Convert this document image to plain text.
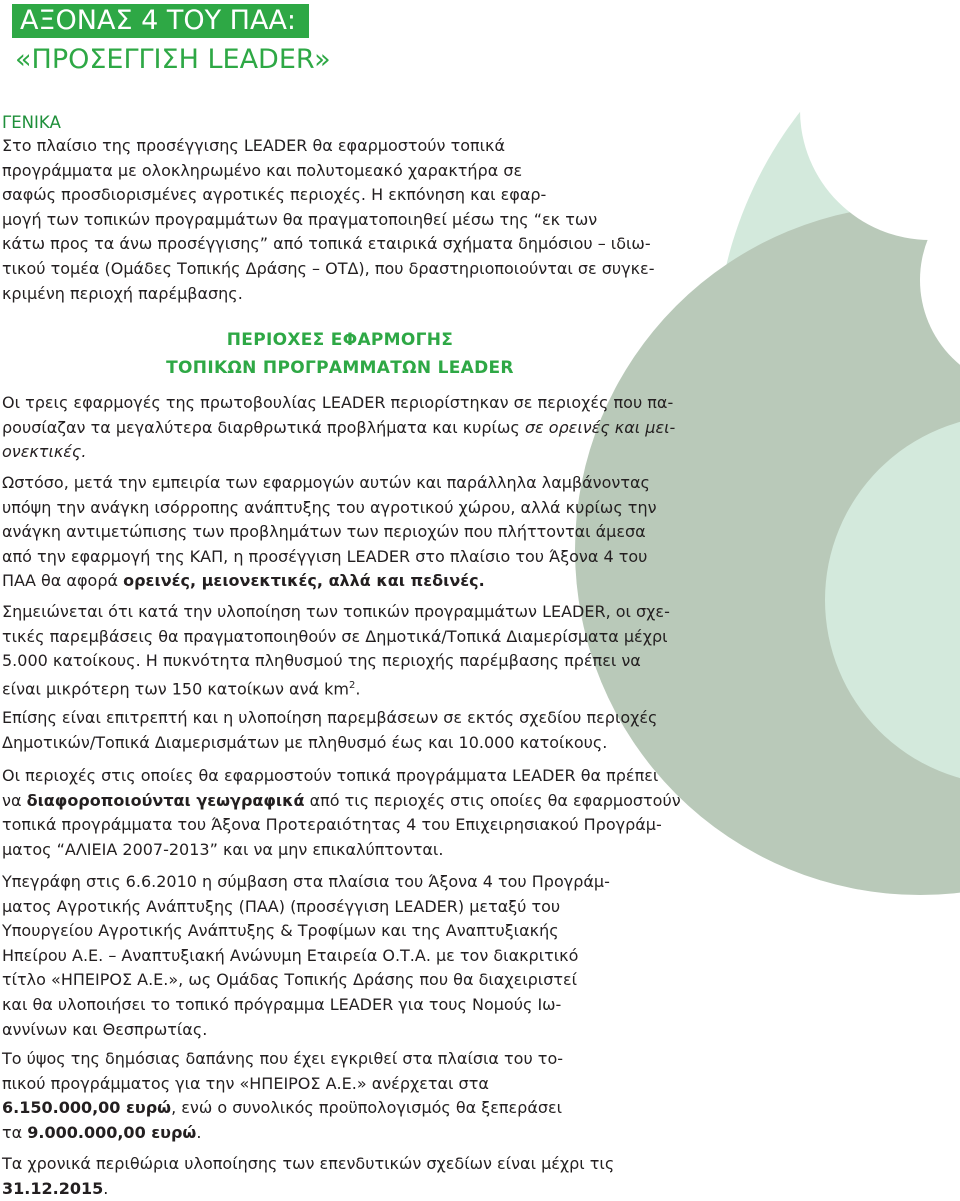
ΑΞΟΝΑΣ 4 ΤΟΥ ΠΑΑ:
«ΠΡΟΣΕΓΓΙΣΗ LEADER»
ΓΕΝΙΚΑ
Στο πλαίσιο της προσέγγισης LEADER θα εφαρμοστούν τοπικά
προγράμματα με ολοκληρωμένο και πολυτομεακό χαρακτήρα σε
σαφώς προσδιορισμένες αγροτικές περιοχές. Η εκπόνηση και εφαρ-
μογή των τοπικών προγραμμάτων θα πραγματοποιηθεί μέσω της “εκ των
κάτω προς τα άνω προσέγγισης” από τοπικά εταιρικά σχήματα δημόσιου – ιδιω-
τικού τομέα (Ομάδες Τοπικής Δράσης – ΟΤΔ), που δραστηριοποιούνται σε συγκε-
κριμένη περιοχή παρέμβασης.
ΠΕΡΙΟΧΕΣ ΕΦΑΡΜΟΓΗΣ
ΤΟΠΙΚΩΝ ΠΡΟΓΡΑΜΜΑΤΩΝ LEADER
Οι τρεις εφαρμογές της πρωτοβουλίας LEADER περιορίστηκαν σε περιοχές που πα-
ρουσίαζαν τα μεγαλύτερα διαρθρωτικά προβλήματα και κυρίως σε ορεινές και μει-
ονεκτικές.
Ωστόσο, μετά την εμπειρία των εφαρμογών αυτών και παράλληλα λαμβάνοντας
υπόψη την ανάγκη ισόρροπης ανάπτυξης του αγροτικού χώρου, αλλά κυρίως την
ανάγκη αντιμετώπισης των προβλημάτων των περιοχών που πλήττονται άμεσα
από την εφαρμογή της ΚΑΠ, η προσέγγιση LEADER στο πλαίσιο του Άξονα 4 του
ΠΑΑ θα αφορά ορεινές, μειονεκτικές, αλλά και πεδινές.
Σημειώνεται ότι κατά την υλοποίηση των τοπικών προγραμμάτων LEADER, οι σχε-
τικές παρεμβάσεις θα πραγματοποιηθούν σε Δημοτικά/Τοπικά Διαμερίσματα μέχρι
5.000 κατοίκους. Η πυκνότητα πληθυσμού της περιοχής παρέμβασης πρέπει να
είναι μικρότερη των 150 κατοίκων ανά $km^2$.
Επίσης είναι επιτρεπτή και η υλοποίηση παρεμβάσεων σε εκτός σχεδίου περιοχές
Δημοτικών/Τοπικά Διαμερισμάτων με πληθυσμό έως και 10.000 κατοίκους.
Οι περιοχές στις οποίες θα εφαρμοστούν τοπικά προγράμματα LEADER θα πρέπει
να διαφοροποιούνται γεωγραφικά από τις περιοχές στις οποίες θα εφαρμοστούν
τοπικά προγράμματα του Άξονα Προτεραιότητας 4 του Επιχειρησιακού Προγράμ-
ματος “ΑΛΙΕΙΑ 2007-2013” και να μην επικαλύπτονται.
Υπεγράφη στις 6.6.2010 η σύμβαση στα πλαίσια του Άξονα 4 του Προγράμ-
ματος Αγροτικής Ανάπτυξης (ΠΑΑ) (προσέγγιση LEADER) μεταξύ του
Υπουργείου Αγροτικής Ανάπτυξης & Τροφίμων και της Αναπτυξιακής
Ηπείρου Α.Ε. – Αναπτυξιακή Ανώνυμη Εταιρεία Ο.Τ.Α. με τον διακριτικό
τίτλο «ΗΠΕΙΡΟΣ Α.Ε.», ως Ομάδας Τοπικής Δράσης που θα διαχειριστεί
και θα υλοποιήσει το τοπικό πρόγραμμα LEADER για τους Νομούς Ιω-
αννίνων και Θεσπρωτίας.
Το ύψος της δημόσιας δαπάνης που έχει εγκριθεί στα πλαίσια του το-
πικού προγράμματος για την «ΗΠΕΙΡΟΣ Α.Ε.» ανέρχεται στα
6.150.000,00 ευρώ, ενώ ο συνολικός προϋπολογισμός θα ξεπεράσει
τα 9.000.000,00 ευρώ.
Τα χρονικά περιθώρια υλοποίησης των επενδυτικών σχεδίων είναι μέχρι τις
31.12.2015.
